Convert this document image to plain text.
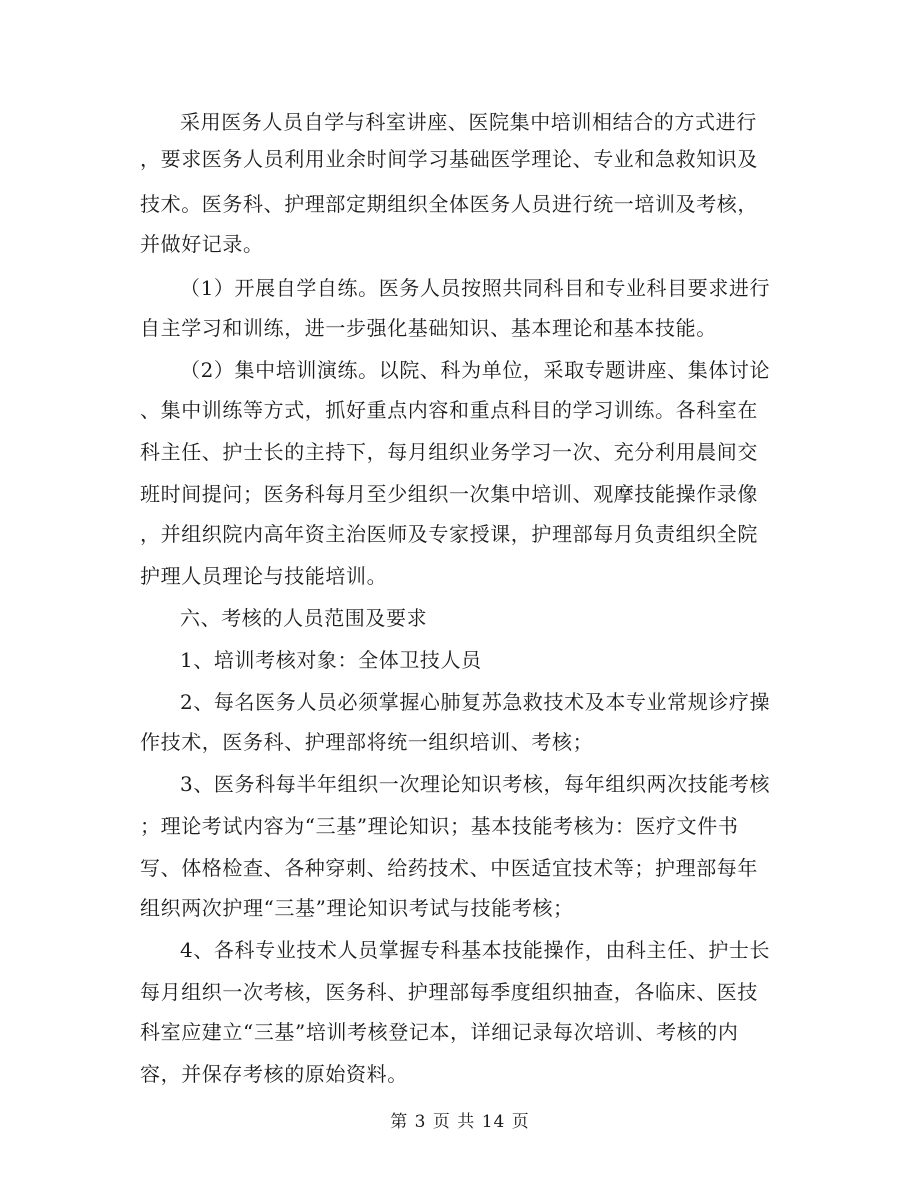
采用医务人员自学与科室讲座、医院集中培训相结合的方式进行
，要求医务人员利用业余时间学习基础医学理论、专业和急救知识及
技术。医务科、护理部定期组织全体医务人员进行统一培训及考核，
并做好记录。
（1）开展自学自练。医务人员按照共同科目和专业科目要求进行
自主学习和训练，进一步强化基础知识、基本理论和基本技能。
（2）集中培训演练。以院、科为单位，采取专题讲座、集体讨论
、集中训练等方式，抓好重点内容和重点科目的学习训练。各科室在
科主任、护士长的主持下，每月组织业务学习一次、充分利用晨间交
班时间提问；医务科每月至少组织一次集中培训、观摩技能操作录像
，并组织院内高年资主治医师及专家授课，护理部每月负责组织全院
护理人员理论与技能培训。
六、考核的人员范围及要求
1、培训考核对象：全体卫技人员
2、每名医务人员必须掌握心肺复苏急救技术及本专业常规诊疗操
作技术，医务科、护理部将统一组织培训、考核；
3、医务科每半年组织一次理论知识考核，每年组织两次技能考核
；理论考试内容为“三基”理论知识；基本技能考核为：医疗文件书
写、体格检查、各种穿刺、给药技术、中医适宜技术等；护理部每年
组织两次护理“三基”理论知识考试与技能考核；
4、各科专业技术人员掌握专科基本技能操作，由科主任、护士长
每月组织一次考核，医务科、护理部每季度组织抽查，各临床、医技
科室应建立“三基”培训考核登记本，详细记录每次培训、考核的内
容，并保存考核的原始资料。
第 3 页 共 14 页
